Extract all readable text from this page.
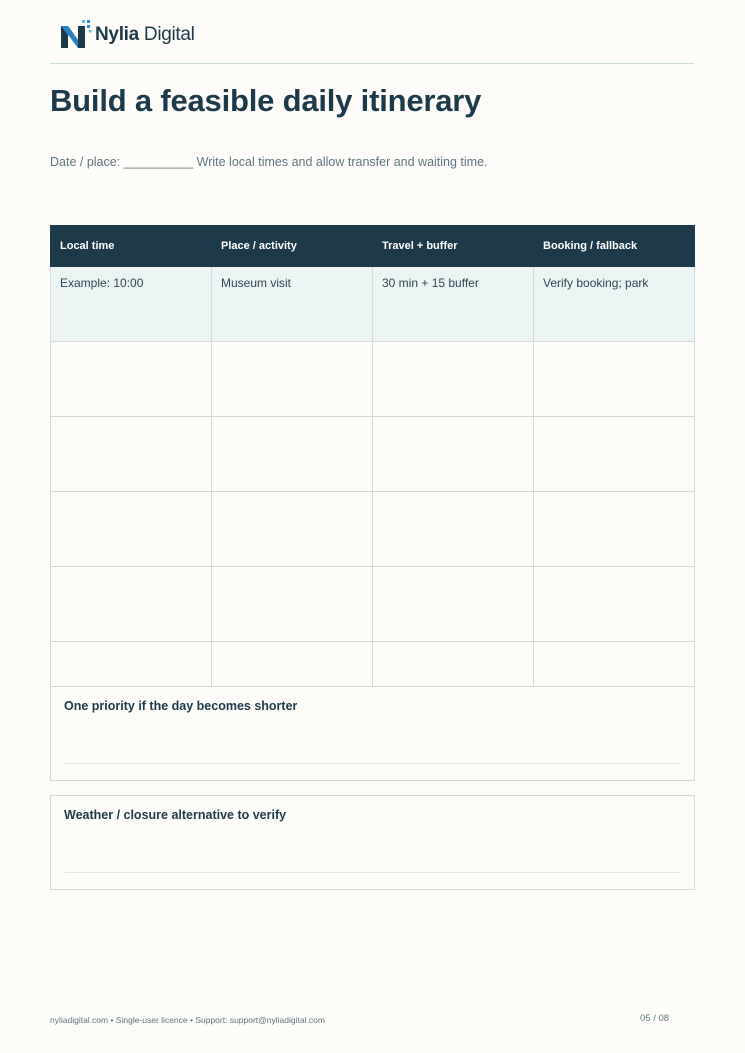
Nylia Digital
Build a feasible daily itinerary
Date / place: __________ Write local times and allow transfer and waiting time.
Local time	Place / activity	Travel + buffer	Booking / fallback
Example: 10:00	Museum visit	30 min + 15 buffer	Verify booking; park

One priority if the day becomes shorter
Weather / closure alternative to verify
nyliadigital.com • Single-user licence • Support: support@nyliadigital.com	05 / 08
